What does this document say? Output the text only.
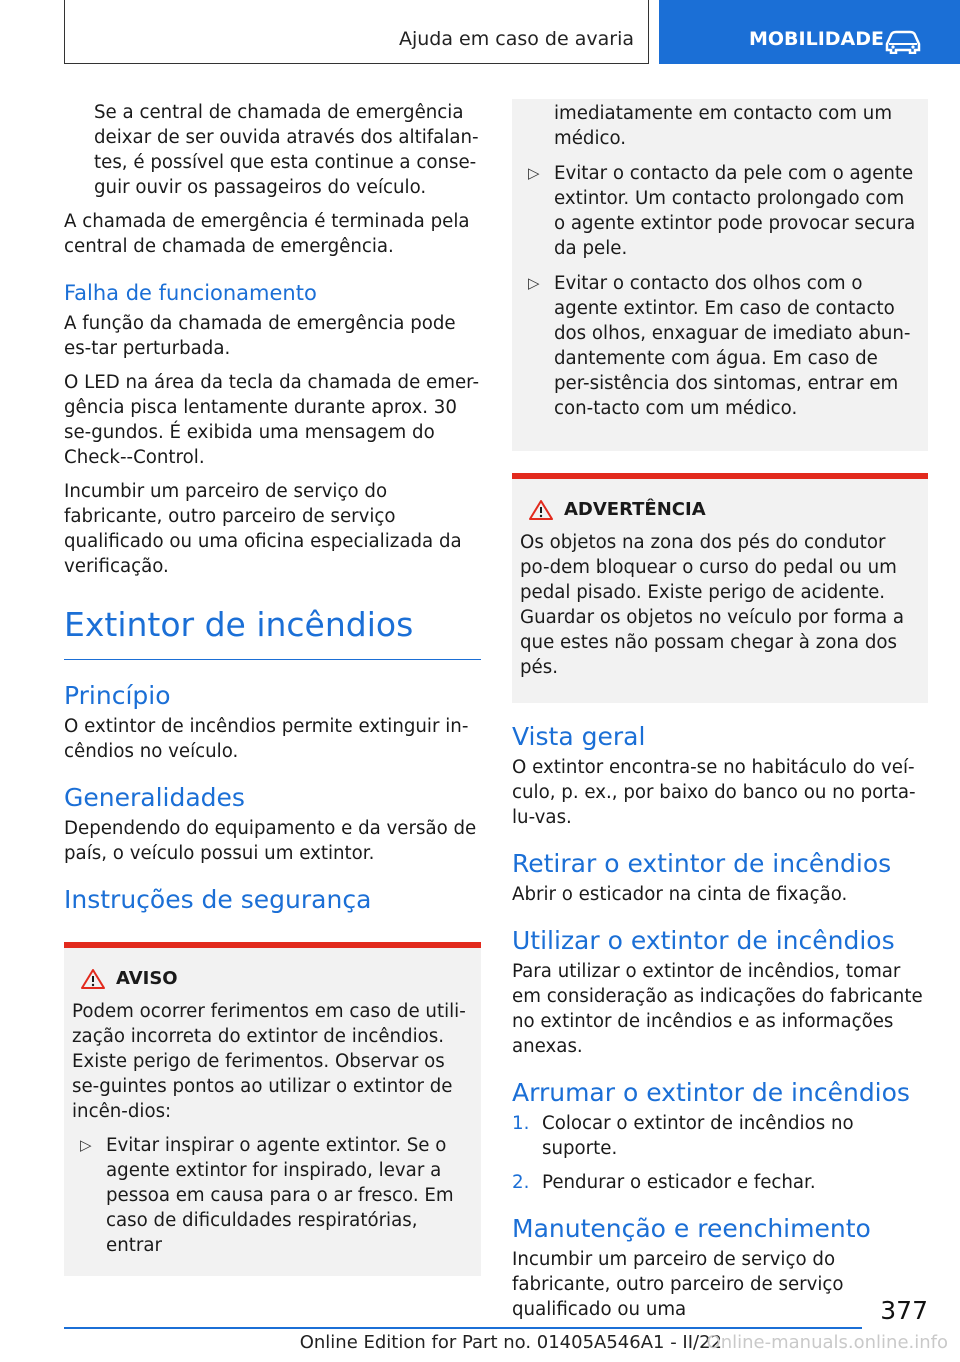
Ajuda em caso de avaria	MOBILIDADE

Se a central de chamada de emergência deixar de ser ouvida através dos altifalan-tes, é possível que esta continue a conse-guir ouvir os passageiros do veículo.

A chamada de emergência é terminada pela central de chamada de emergência.

Falha de funcionamento

A função da chamada de emergência pode es-tar perturbada.

O LED na área da tecla da chamada de emer-gência pisca lentamente durante aprox. 30 se-gundos. É exibida uma mensagem do Check--Control.

Incumbir um parceiro de serviço do fabricante, outro parceiro de serviço qualificado ou uma oficina especializada da verificação.

Extintor de incêndios
Princípio

O extintor de incêndios permite extinguir in-cêndios no veículo.

Generalidades

Dependendo do equipamento e da versão de país, o veículo possui um extintor.

Instruções de segurança
AVISO

Podem ocorrer ferimentos em caso de utili-zação incorreta do extintor de incêndios. Existe perigo de ferimentos. Observar os se-guintes pontos ao utilizar o extintor de incên-dios:

▷ Evitar inspirar o agente extintor. Se o agente extintor for inspirado, levar a pessoa em causa para o ar fresco. Em caso de dificuldades respiratórias, entrar
imediatamente em contacto com um médico.
▷ Evitar o contacto da pele com o agente extintor. Um contacto prolongado com o agente extintor pode provocar secura da pele.
▷ Evitar o contacto dos olhos com o agente extintor. Em caso de contacto dos olhos, enxaguar de imediato abun-dantemente com água. Em caso de per-sistência dos sintomas, entrar em con-tacto com um médico.
ADVERTÊNCIA

Os objetos na zona dos pés do condutor po-dem bloquear o curso do pedal ou um pedal pisado. Existe perigo de acidente. Guardar os objetos no veículo por forma a que estes não possam chegar à zona dos pés.

Vista geral

O extintor encontra-se no habitáculo do veí-culo, p. ex., por baixo do banco ou no porta-lu-vas.

Retirar o extintor de incêndios

Abrir o esticador na cinta de fixação.

Utilizar o extintor de incêndios

Para utilizar o extintor de incêndios, tomar em consideração as indicações do fabricante no extintor de incêndios e as informações anexas.

Arrumar o extintor de incêndios
1. Colocar o extintor de incêndios no suporte.
2. Pendurar o esticador e fechar.
Manutenção e reenchimento

Incumbir um parceiro de serviço do fabricante, outro parceiro de serviço qualificado ou uma	377
Online Edition for Part no. 01405A546A1 - II/22
Online-manuals.online.info
